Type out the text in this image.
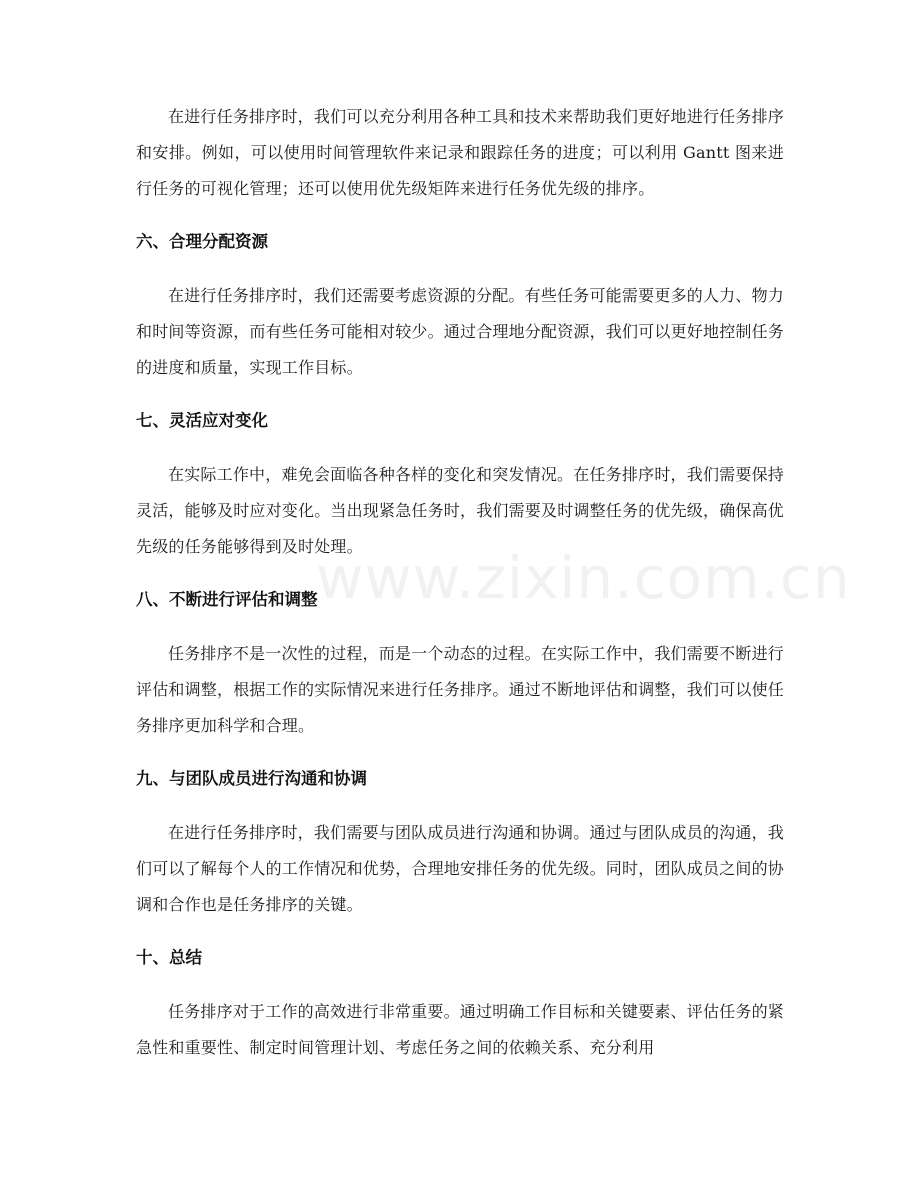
在进行任务排序时，我们可以充分利用各种工具和技术来帮助我们更好地进行任务排序和安排。例如，可以使用时间管理软件来记录和跟踪任务的进度；可以利用 Gantt 图来进行任务的可视化管理；还可以使用优先级矩阵来进行任务优先级的排序。

六、合理分配资源

在进行任务排序时，我们还需要考虑资源的分配。有些任务可能需要更多的人力、物力和时间等资源，而有些任务可能相对较少。通过合理地分配资源，我们可以更好地控制任务的进度和质量，实现工作目标。

七、灵活应对变化

在实际工作中，难免会面临各种各样的变化和突发情况。在任务排序时，我们需要保持灵活，能够及时应对变化。当出现紧急任务时，我们需要及时调整任务的优先级，确保高优先级的任务能够得到及时处理。

八、不断进行评估和调整

任务排序不是一次性的过程，而是一个动态的过程。在实际工作中，我们需要不断进行评估和调整，根据工作的实际情况来进行任务排序。通过不断地评估和调整，我们可以使任务排序更加科学和合理。

九、与团队成员进行沟通和协调

在进行任务排序时，我们需要与团队成员进行沟通和协调。通过与团队成员的沟通，我们可以了解每个人的工作情况和优势，合理地安排任务的优先级。同时，团队成员之间的协调和合作也是任务排序的关键。

十、总结

任务排序对于工作的高效进行非常重要。通过明确工作目标和关键要素、评估任务的紧急性和重要性、制定时间管理计划、考虑任务之间的依赖关系、充分利用

www.zixin.com.cn
